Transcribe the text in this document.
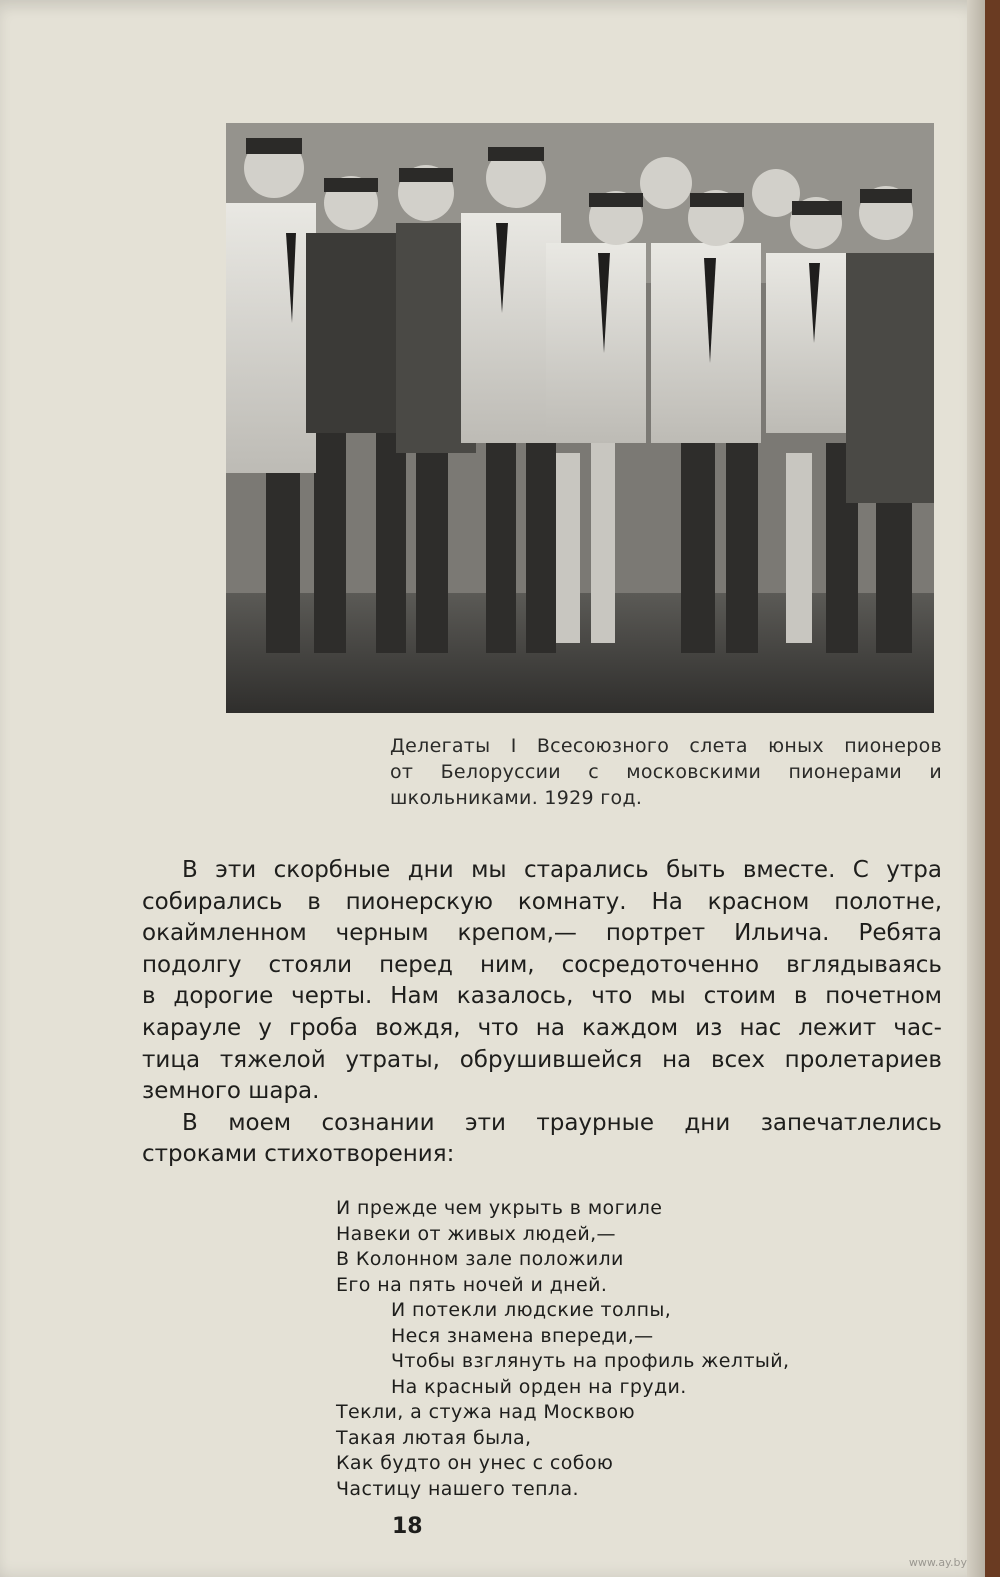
Делегаты I Всесоюзного слета юных пионеров
от Белоруссии с московскими пионерами и
школьниками. 1929 год.

В эти скорбные дни мы старались быть вместе. С утра
собирались в пионерскую комнату. На красном полотне,
окаймленном черным крепом,— портрет Ильича. Ребята
подолгу стояли перед ним, сосредоточенно вглядываясь
в дорогие черты. Нам казалось, что мы стоим в почетном
карауле у гроба вождя, что на каждом из нас лежит час-
тица тяжелой утраты, обрушившейся на всех пролетариев
земного шара.
В моем сознании эти траурные дни запечатлелись
строками стихотворения:

И прежде чем укрыть в могиле
Навеки от живых людей,—
В Колонном зале положили
Его на пять ночей и дней.
И потекли людские толпы,
Неся знамена впереди,—
Чтобы взглянуть на профиль желтый,
На красный орден на груди.
Текли, а стужа над Москвою
Такая лютая была,
Как будто он унес с собою
Частицу нашего тепла.

18
www.ay.by
